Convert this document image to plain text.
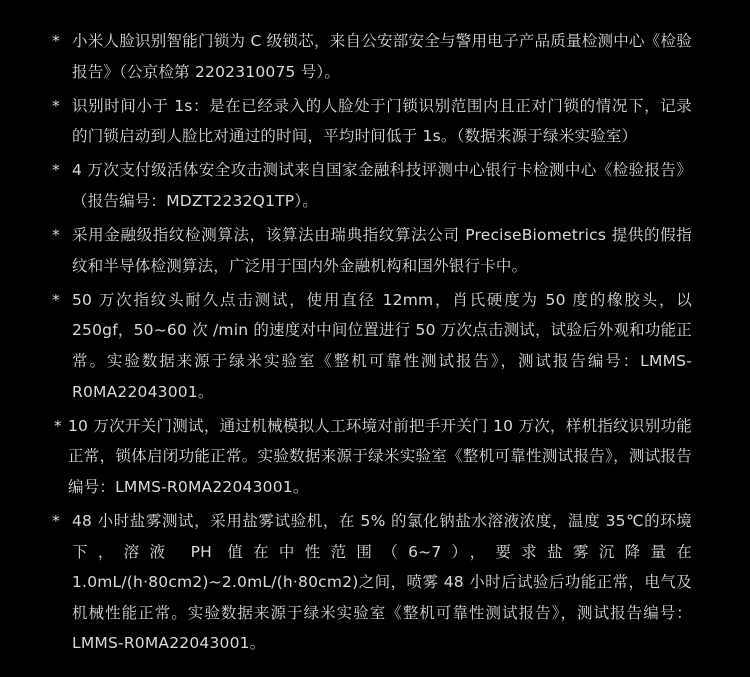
* 小米人脸识别智能门锁为 C 级锁芯，来自公安部安全与警用电子产品质量检测中心《检验报告》（公京检第 2202310075 号）。
* 识别时间小于 1s：是在已经录入的人脸处于门锁识别范围内且正对门锁的情况下，记录的门锁启动到人脸比对通过的时间，平均时间低于 1s。（数据来源于绿米实验室）
* 4 万次支付级活体安全攻击测试来自国家金融科技评测中心银行卡检测中心《检验报告》（报告编号：MDZT2232Q1TP）。
* 采用金融级指纹检测算法，该算法由瑞典指纹算法公司 PreciseBiometrics 提供的假指纹和半导体检测算法，广泛用于国内外金融机构和国外银行卡中。
* 50 万次指纹头耐久点击测试，使用直径 12mm，肖氏硬度为 50 度的橡胶头，以 250gf，50~60 次 /min 的速度对中间位置进行 50 万次点击测试，试验后外观和功能正常。实验数据来源于绿米实验室《整机可靠性测试报告》，测试报告编号：LMMS-R0MA22043001。
* 10 万次开关门测试，通过机械模拟人工环境对前把手开关门 10 万次，样机指纹识别功能正常，锁体启闭功能正常。实验数据来源于绿米实验室《整机可靠性测试报告》，测试报告编号：LMMS-R0MA22043001。
* 48 小时盐雾测试，采用盐雾试验机，在 5% 的氯化钠盐水溶液浓度，温度 35℃的环境下，溶液 PH 值在中性范围（6~7），要求盐雾沉降量在 1.0mL/(h·80cm2)~2.0mL/(h·80cm2)之间，喷雾 48 小时后试验后功能正常，电气及机械性能正常。实验数据来源于绿米实验室《整机可靠性测试报告》，测试报告编号：LMMS-R0MA22043001。
